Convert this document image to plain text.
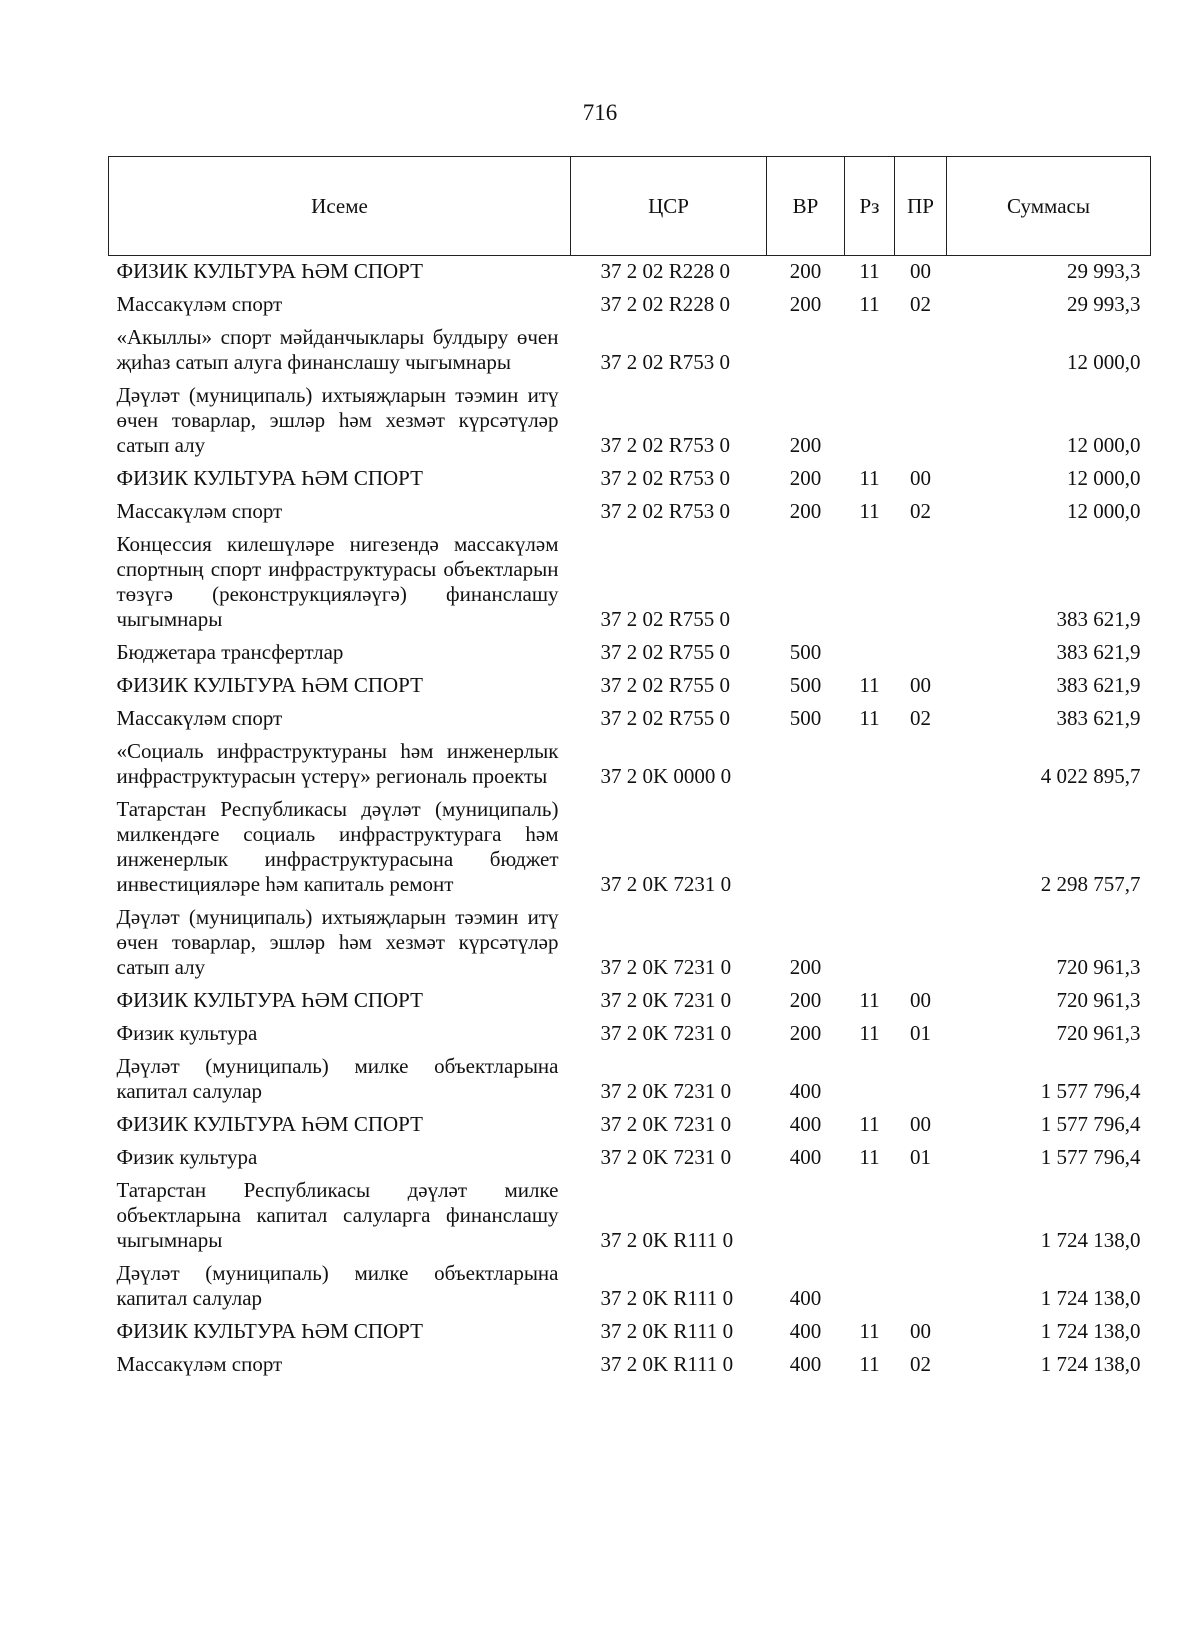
716
Исеме	ЦСР	ВР	Рз	ПР	Суммасы
ФИЗИК КУЛЬТУРА ҺӘМ СПОРТ	37 2 02 R228 0	200	11	00	29 993,3
Массакүләм спорт	37 2 02 R228 0	200	11	02	29 993,3
«Акыллы» спорт мәйданчыклары булдыру өчен җиһаз сатып алуга финанслашу чыгымнары	37 2 02 R753 0				12 000,0
Дәүләт (муниципаль) ихтыяҗларын тәэмин итү өчен товарлар, эшләр һәм хезмәт күрсәтүләр сатып алу	37 2 02 R753 0	200			12 000,0
ФИЗИК КУЛЬТУРА ҺӘМ СПОРТ	37 2 02 R753 0	200	11	00	12 000,0
Массакүләм спорт	37 2 02 R753 0	200	11	02	12 000,0
Концессия килешүләре нигезендә массакүләм спортның спорт инфраструктурасы объектларын төзүгә (реконструкцияләүгә) финанслашу чыгымнары	37 2 02 R755 0				383 621,9
Бюджетара трансфертлар	37 2 02 R755 0	500			383 621,9
ФИЗИК КУЛЬТУРА ҺӘМ СПОРТ	37 2 02 R755 0	500	11	00	383 621,9
Массакүләм спорт	37 2 02 R755 0	500	11	02	383 621,9
«Социаль инфраструктураны һәм инженерлык инфраструктурасын үстерү» региональ проекты	37 2 0K 0000 0				4 022 895,7
Татарстан Республикасы дәүләт (муниципаль) милкендәге социаль инфраструктурага һәм инженерлык инфраструктурасына бюджет инвестицияләре һәм капиталь ремонт	37 2 0K 7231 0				2 298 757,7
Дәүләт (муниципаль) ихтыяҗларын тәэмин итү өчен товарлар, эшләр һәм хезмәт күрсәтүләр сатып алу	37 2 0K 7231 0	200			720 961,3
ФИЗИК КУЛЬТУРА ҺӘМ СПОРТ	37 2 0K 7231 0	200	11	00	720 961,3
Физик культура	37 2 0K 7231 0	200	11	01	720 961,3
Дәүләт (муниципаль) милке объектларына капитал салулар	37 2 0K 7231 0	400			1 577 796,4
ФИЗИК КУЛЬТУРА ҺӘМ СПОРТ	37 2 0K 7231 0	400	11	00	1 577 796,4
Физик культура	37 2 0K 7231 0	400	11	01	1 577 796,4
Татарстан Республикасы дәүләт милке объектларына капитал салуларга финанслашу чыгымнары	37 2 0K R111 0				1 724 138,0
Дәүләт (муниципаль) милке объектларына капитал салулар	37 2 0K R111 0	400			1 724 138,0
ФИЗИК КУЛЬТУРА ҺӘМ СПОРТ	37 2 0K R111 0	400	11	00	1 724 138,0
Массакүләм спорт	37 2 0K R111 0	400	11	02	1 724 138,0
